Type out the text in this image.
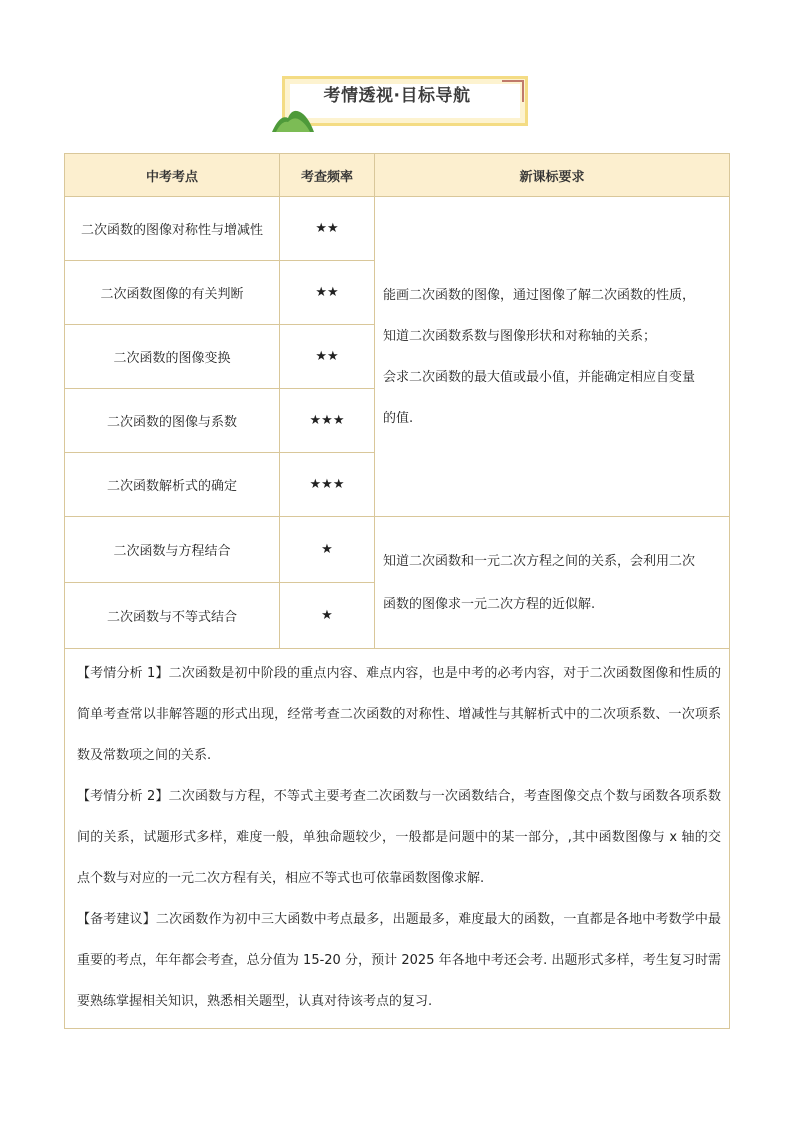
考情透视·目标导航
中考考点	考查频率	新课标要求
二次函数的图像对称性与增减性	★★	能画二次函数的图像，通过图像了解二次函数的性质，
知道二次函数系数与图像形状和对称轴的关系；
会求二次函数的最大值或最小值，并能确定相应自变量
的值.

二次函数图像的有关判断	★★	
二次函数的图像变换	★★	
二次函数的图像与系数	★★★	
二次函数解析式的确定	★★★	
二次函数与方程结合	★	知道二次函数和一元二次方程之间的关系，会利用二次
函数的图像求一元二次方程的近似解.

二次函数与不等式结合	★	

【考情分析 1】二次函数是初中阶段的重点内容、难点内容，也是中考的必考内容，对于二次函数图像和性质的简单考查常以非解答题的形式出现，经常考查二次函数的对称性、增减性与其解析式中的二次项系数、一次项系数及常数项之间的关系.

【考情分析 2】二次函数与方程，不等式主要考查二次函数与一次函数结合，考查图像交点个数与函数各项系数间的关系，试题形式多样，难度一般，单独命题较少，一般都是问题中的某一部分，,其中函数图像与 x 轴的交点个数与对应的一元二次方程有关，相应不等式也可依靠函数图像求解.

【备考建议】二次函数作为初中三大函数中考点最多，出题最多，难度最大的函数，一直都是各地中考数学中最重要的考点，年年都会考查，总分值为 15-20 分，预计 2025 年各地中考还会考. 出题形式多样，考生复习时需要熟练掌握相关知识，熟悉相关题型，认真对待该考点的复习.		
